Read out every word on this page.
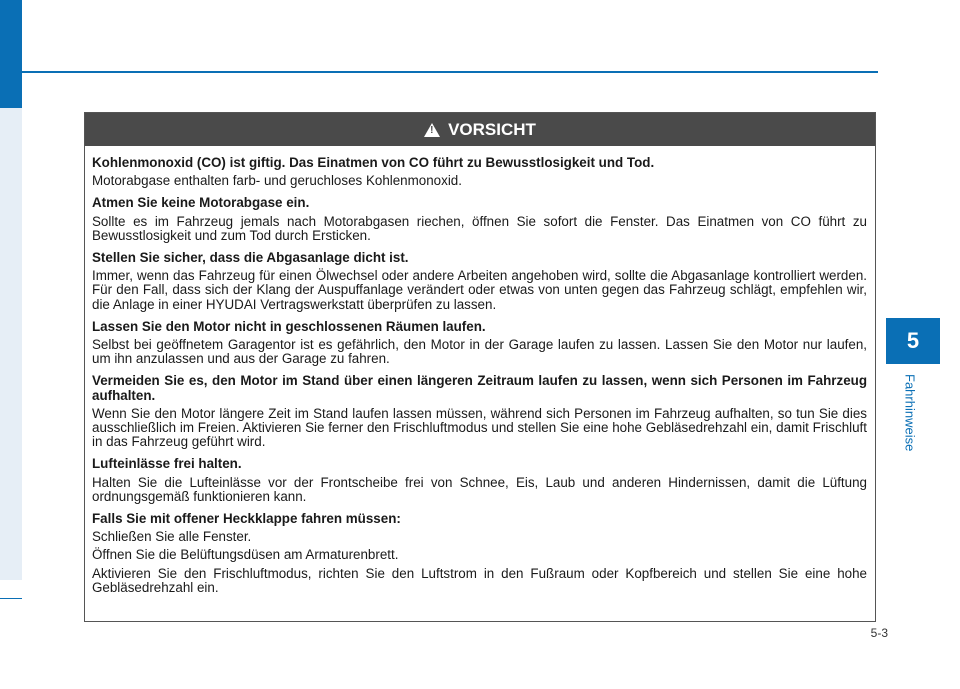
5
Fahrhinweise
!
VORSICHT
Kohlenmonoxid (CO) ist giftig. Das Einatmen von CO führt zu Bewusstlosigkeit und Tod.
Motorabgase enthalten farb- und geruchloses Kohlenmonoxid.
Atmen Sie keine Motorabgase ein.
Sollte es im Fahrzeug jemals nach Motorabgasen riechen, öffnen Sie sofort die Fenster. Das Einatmen von CO führt zu Bewusstlosigkeit und zum Tod durch Ersticken.
Stellen Sie sicher, dass die Abgasanlage dicht ist.
Immer, wenn das Fahrzeug für einen Ölwechsel oder andere Arbeiten angehoben wird, sollte die Abgasanlage kontrolliert werden. Für den Fall, dass sich der Klang der Auspuffanlage verändert oder etwas von unten gegen das Fahrzeug schlägt, empfehlen wir, die Anlage in einer HYUDAI Vertragswerkstatt überprüfen zu lassen.
Lassen Sie den Motor nicht in geschlossenen Räumen laufen.
Selbst bei geöffnetem Garagentor ist es gefährlich, den Motor in der Garage laufen zu lassen. Lassen Sie den Motor nur laufen, um ihn anzulassen und aus der Garage zu fahren.
Vermeiden Sie es, den Motor im Stand über einen längeren Zeitraum laufen zu lassen, wenn sich Personen im Fahrzeug aufhalten.
Wenn Sie den Motor längere Zeit im Stand laufen lassen müssen, während sich Personen im Fahrzeug aufhalten, so tun Sie dies ausschließlich im Freien. Aktivieren Sie ferner den Frischluftmodus und stellen Sie eine hohe Gebläsedrehzahl ein, damit Frischluft in das Fahrzeug geführt wird.
Lufteinlässe frei halten.
Halten Sie die Lufteinlässe vor der Frontscheibe frei von Schnee, Eis, Laub und anderen Hindernissen, damit die Lüftung ordnungsgemäß funktionieren kann.
Falls Sie mit offener Heckklappe fahren müssen:
Schließen Sie alle Fenster.
Öffnen Sie die Belüftungsdüsen am Armaturenbrett.
Aktivieren Sie den Frischluftmodus, richten Sie den Luftstrom in den Fußraum oder Kopfbereich und stellen Sie eine hohe Gebläsedrehzahl ein.
5-3
